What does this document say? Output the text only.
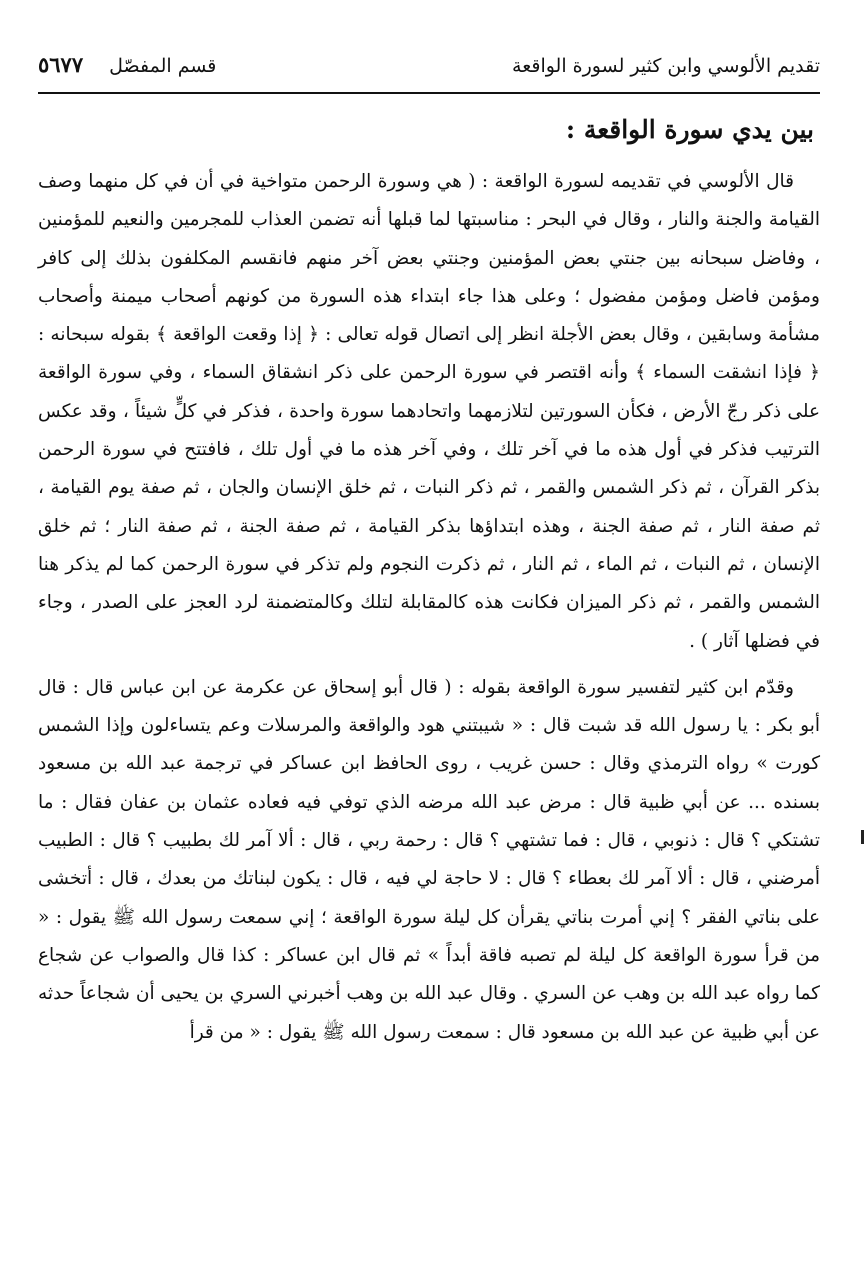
تقديم الألوسي وابن كثير لسورة الواقعة
قسم المفصّل
٥٦٧٧
بين يدي سورة الواقعة :

قال الألوسي في تقديمه لسورة الواقعة : ( هي وسورة الرحمن متواخية في أن في كل منهما وصف القيامة والجنة والنار ، وقال في البحر : مناسبتها لما قبلها أنه تضمن العذاب للمجرمين والنعيم للمؤمنين ، وفاضل سبحانه بين جنتي بعض المؤمنين وجنتي بعض آخر منهم فانقسم المكلفون بذلك إلى كافر ومؤمن فاضل ومؤمن مفضول ؛ وعلى هذا جاء ابتداء هذه السورة من كونهم أصحاب ميمنة وأصحاب مشأمة وسابقين ، وقال بعض الأجلة انظر إلى اتصال قوله تعالى : ﴿ إذا وقعت الواقعة ﴾ بقوله سبحانه : ﴿ فإذا انشقت السماء ﴾ وأنه اقتصر في سورة الرحمن على ذكر انشقاق السماء ، وفي سورة الواقعة على ذكر رجّ الأرض ، فكأن السورتين لتلازمهما واتحادهما سورة واحدة ، فذكر في كلٍّ شيئاً ، وقد عكس الترتيب فذكر في أول هذه ما في آخر تلك ، وفي آخر هذه ما في أول تلك ، فافتتح في سورة الرحمن بذكر القرآن ، ثم ذكر الشمس والقمر ، ثم ذكر النبات ، ثم خلق الإنسان والجان ، ثم صفة يوم القيامة ، ثم صفة النار ، ثم صفة الجنة ، وهذه ابتداؤها بذكر القيامة ، ثم صفة الجنة ، ثم صفة النار ؛ ثم خلق الإنسان ، ثم النبات ، ثم الماء ، ثم النار ، ثم ذكرت النجوم ولم تذكر في سورة الرحمن كما لم يذكر هنا الشمس والقمر ، ثم ذكر الميزان فكانت هذه كالمقابلة لتلك وكالمتضمنة لرد العجز على الصدر ، وجاء في فضلها آثار ) .

وقدّم ابن كثير لتفسير سورة الواقعة بقوله : ( قال أبو إسحاق عن عكرمة عن ابن عباس قال : قال أبو بكر : يا رسول الله قد شبت قال : « شيبتني هود والواقعة والمرسلات وعم يتساءلون وإذا الشمس كورت » رواه الترمذي وقال : حسن غريب ، روى الحافظ ابن عساكر في ترجمة عبد الله بن مسعود بسنده ... عن أبي ظبية قال : مرض عبد الله مرضه الذي توفي فيه فعاده عثمان بن عفان فقال : ما تشتكي ؟ قال : ذنوبي ، قال : فما تشتهي ؟ قال : رحمة ربي ، قال : ألا آمر لك بطبيب ؟ قال : الطبيب أمرضني ، قال : ألا آمر لك بعطاء ؟ قال : لا حاجة لي فيه ، قال : يكون لبناتك من بعدك ، قال : أتخشى على بناتي الفقر ؟ إني أمرت بناتي يقرأن كل ليلة سورة الواقعة ؛ إني سمعت رسول الله ﷺ يقول : « من قرأ سورة الواقعة كل ليلة لم تصبه فاقة أبداً » ثم قال ابن عساكر : كذا قال والصواب عن شجاع كما رواه عبد الله بن وهب عن السري . وقال عبد الله بن وهب أخبرني السري بن يحيى أن شجاعاً حدثه عن أبي ظبية عن عبد الله بن مسعود قال : سمعت رسول الله ﷺ يقول : « من قرأ
